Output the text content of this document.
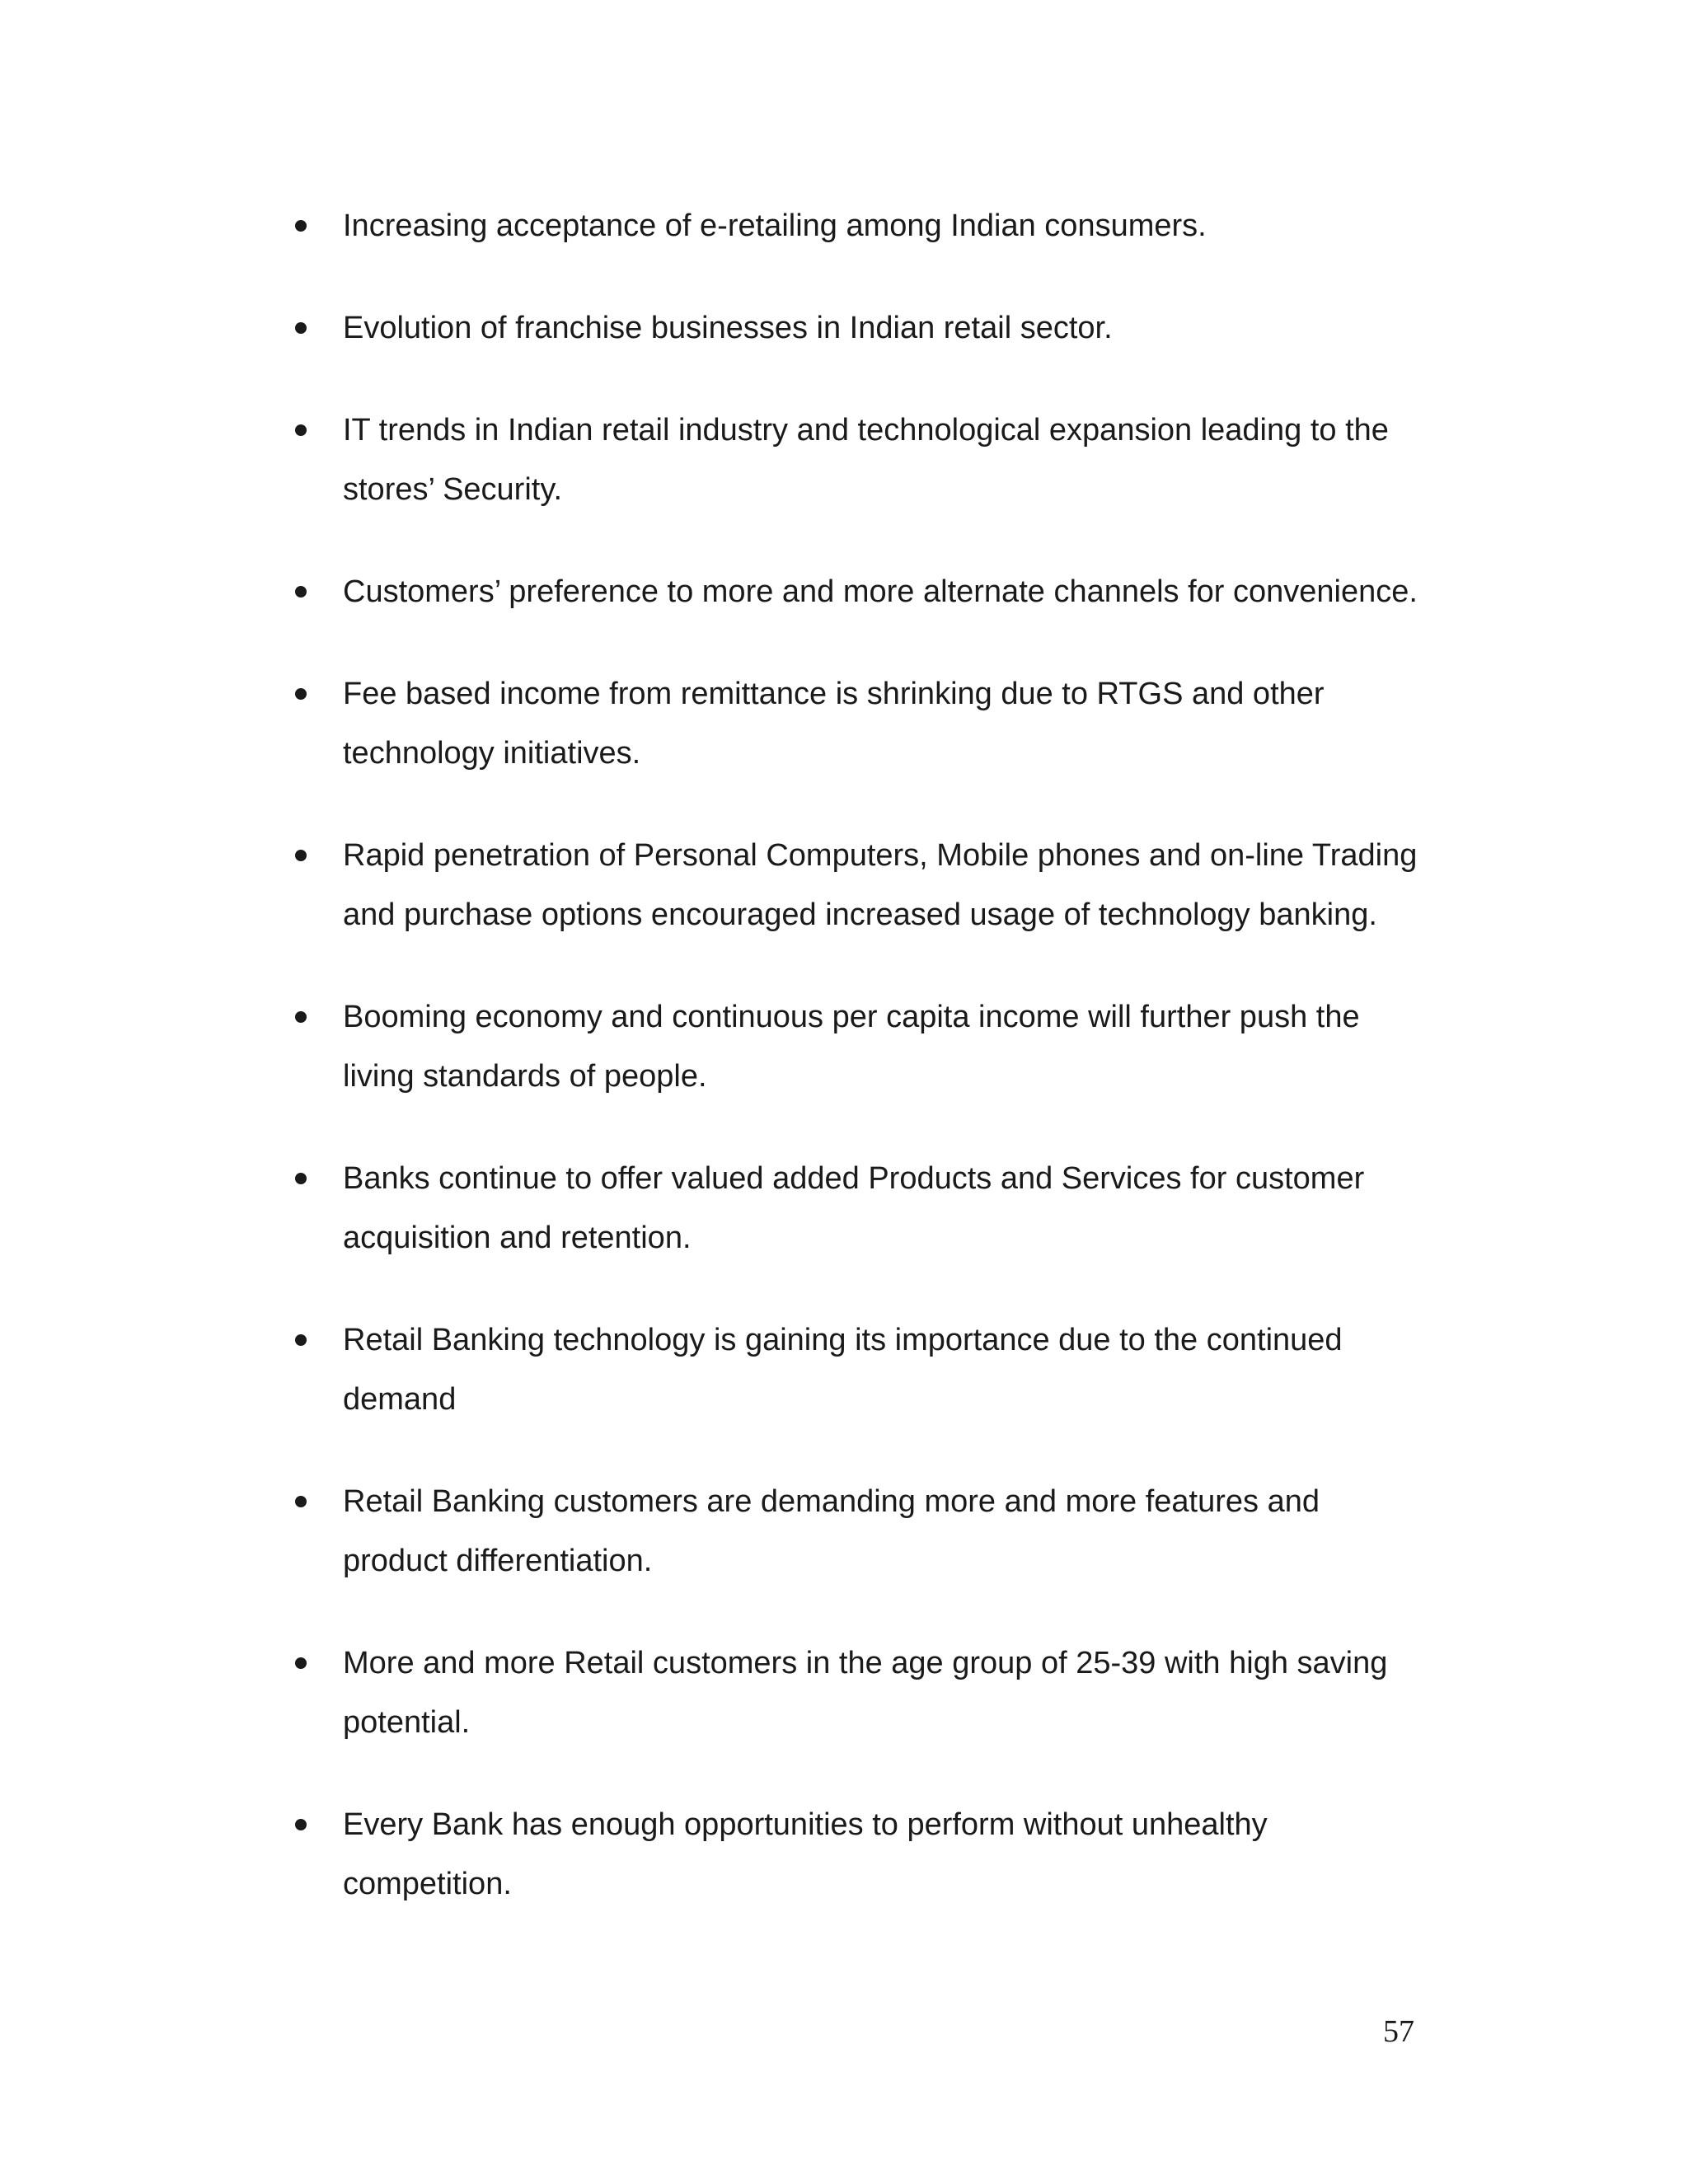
Increasing acceptance of e-retailing among Indian consumers.
Evolution of franchise businesses in Indian retail sector.
IT trends in Indian retail industry and technological expansion leading to the stores’ Security.
Customers’ preference to more and more alternate channels for convenience.
Fee based income from remittance is shrinking due to RTGS and other technology initiatives.
Rapid penetration of Personal Computers, Mobile phones and on-line Trading and purchase options encouraged increased usage of technology banking.
Booming economy and continuous per capita income will further push the living standards of people.
Banks continue to offer valued added Products and Services for customer acquisition and retention.
Retail Banking technology is gaining its importance due to the continued demand
Retail Banking customers are demanding more and more features and product differentiation.
More and more Retail customers in the age group of 25-39 with high saving potential.
Every Bank has enough opportunities to perform without unhealthy competition.
57
